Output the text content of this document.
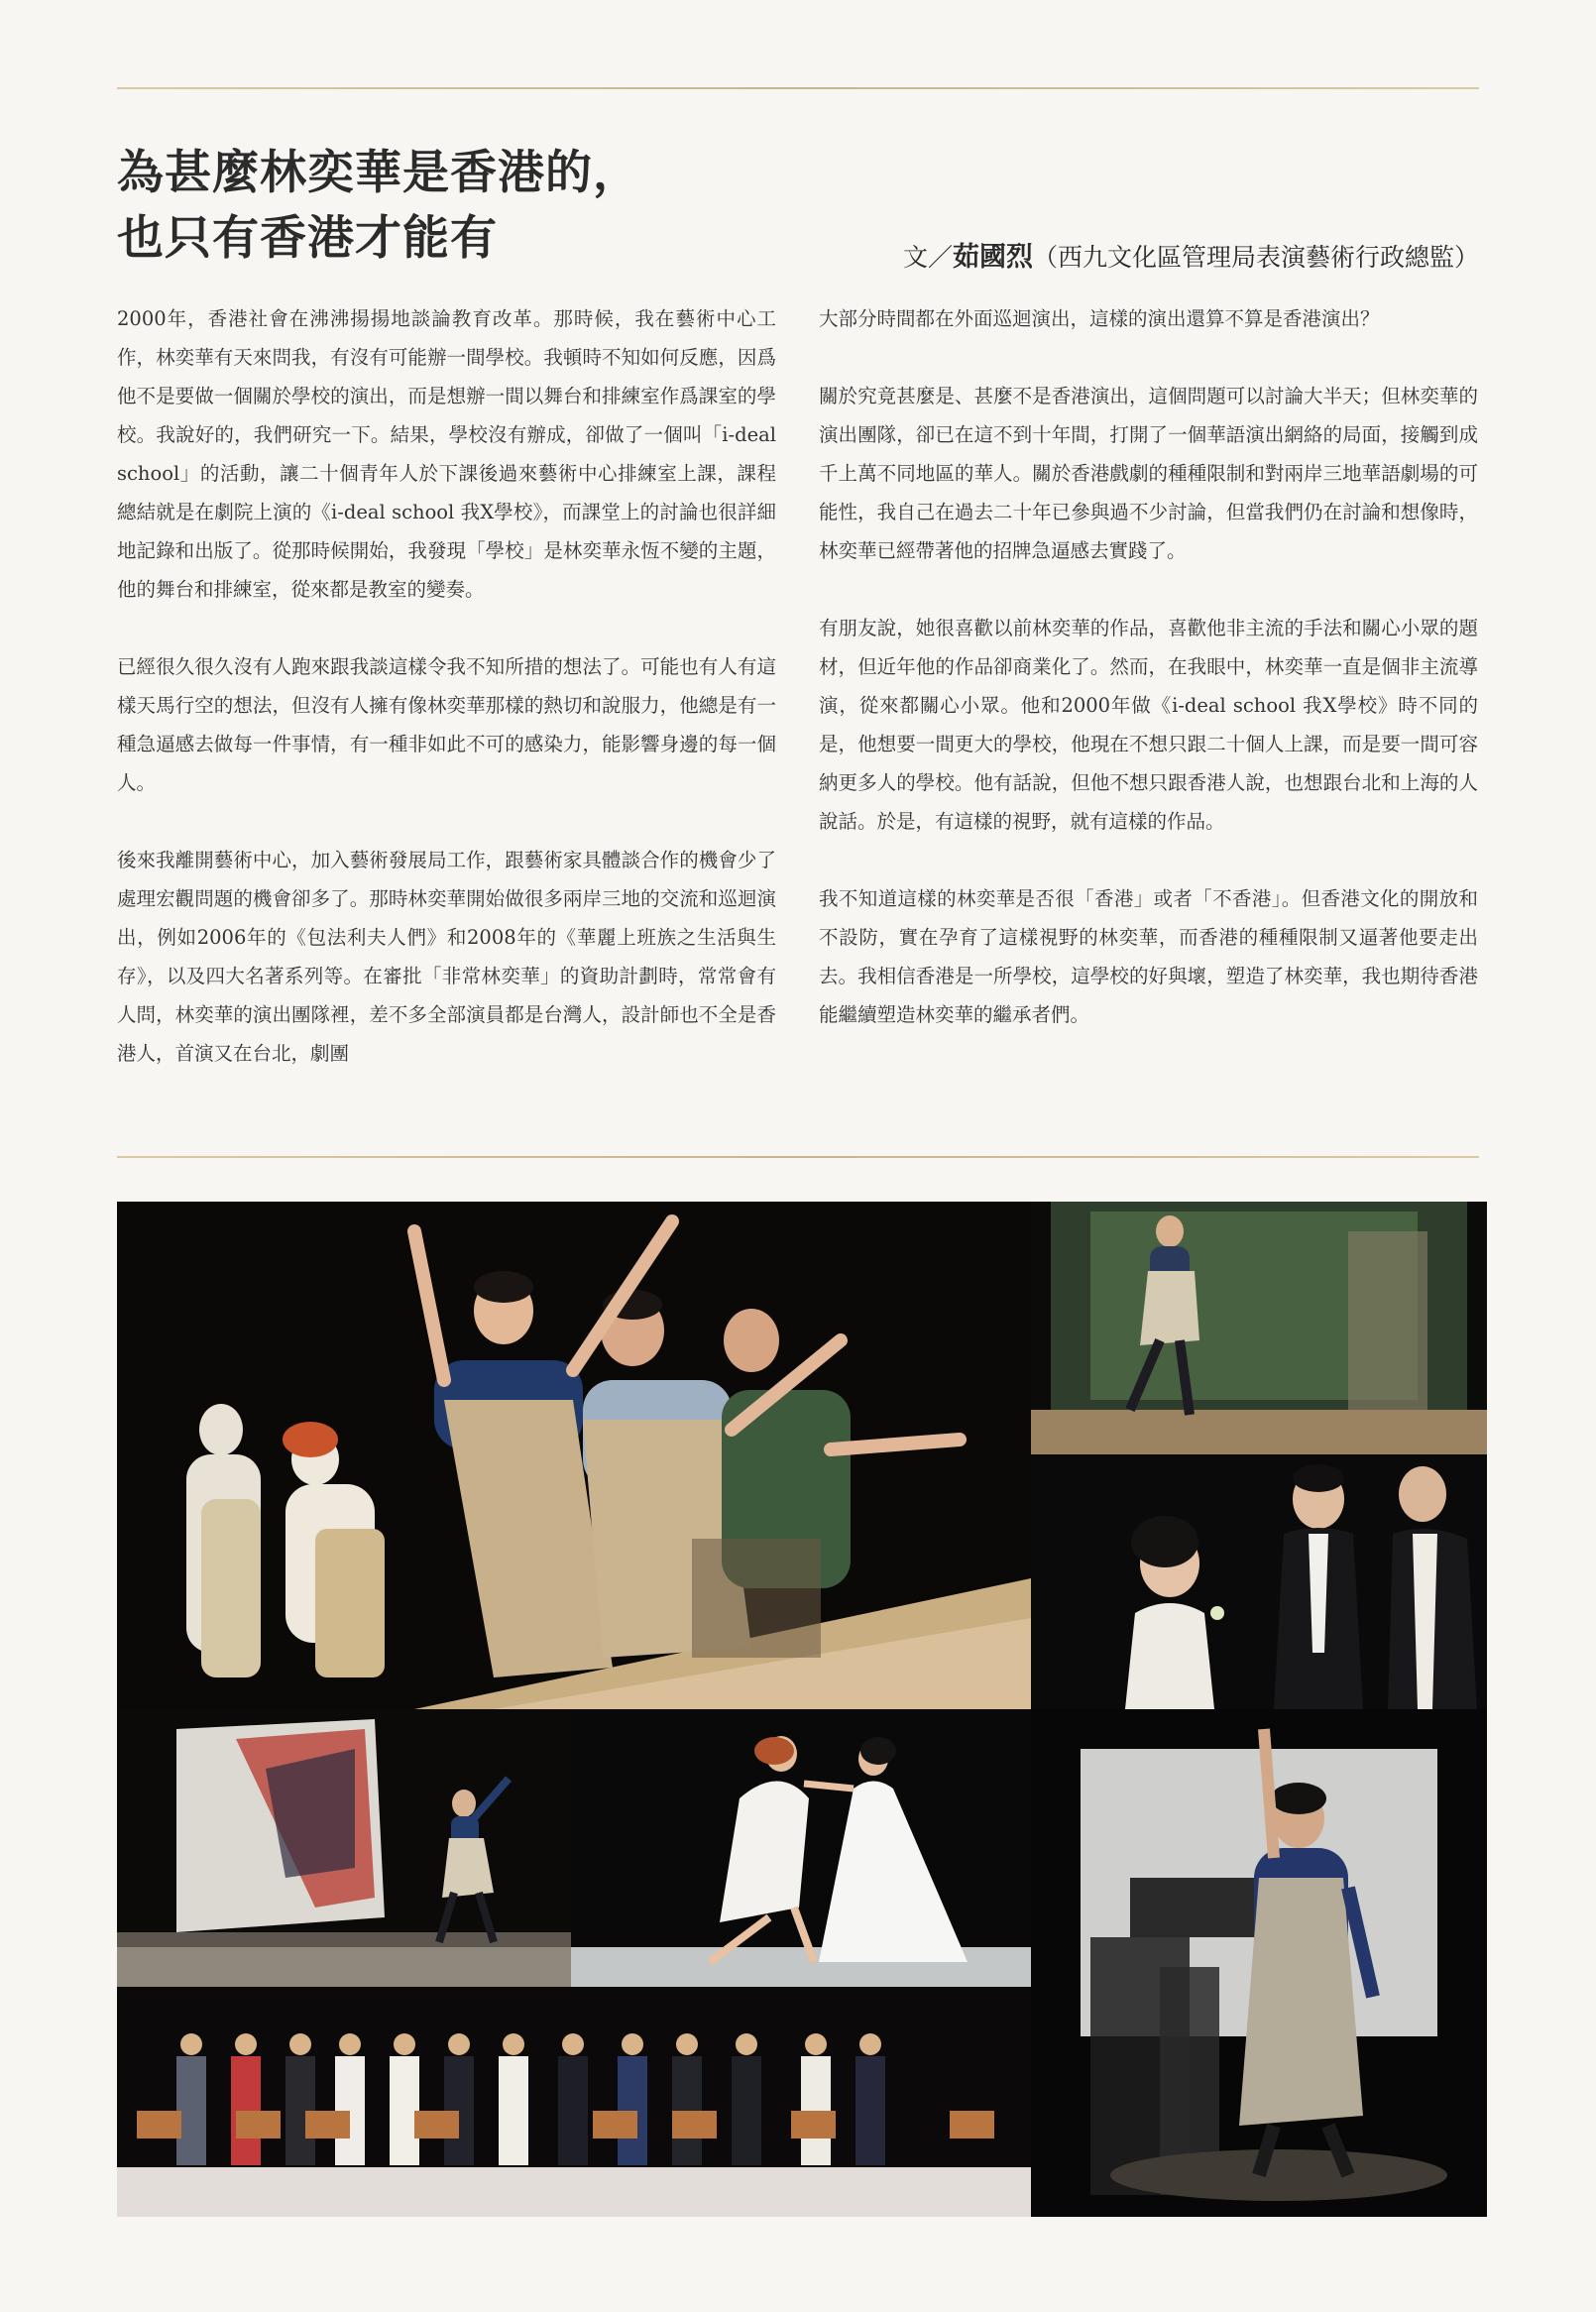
為甚麼林奕華是香港的，
也只有香港才能有	文／茹國烈（西九文化區管理局表演藝術行政總監）

2000年，香港社會在沸沸揚揚地談論教育改革。那時候，我在藝術中心工作，林奕華有天來問我，有沒有可能辦一間學校。我頓時不知如何反應，因爲他不是要做一個關於學校的演出，而是想辦一間以舞台和排練室作爲課室的學校。我說好的，我們研究一下。結果，學校沒有辦成，卻做了一個叫「i-deal school」的活動，讓二十個青年人於下課後過來藝術中心排練室上課，課程總結就是在劇院上演的《i-deal school 我X學校》，而課堂上的討論也很詳細地記錄和出版了。從那時候開始，我發現「學校」是林奕華永恆不變的主題，他的舞台和排練室，從來都是教室的變奏。

已經很久很久沒有人跑來跟我談這樣令我不知所措的想法了。可能也有人有這樣天馬行空的想法，但沒有人擁有像林奕華那樣的熱切和說服力，他總是有一種急逼感去做每一件事情，有一種非如此不可的感染力，能影響身邊的每一個人。

後來我離開藝術中心，加入藝術發展局工作，跟藝術家具體談合作的機會少了處理宏觀問題的機會卻多了。那時林奕華開始做很多兩岸三地的交流和巡迴演出，例如2006年的《包法利夫人們》和2008年的《華麗上班族之生活與生存》，以及四大名著系列等。在審批「非常林奕華」的資助計劃時，常常會有人問，林奕華的演出團隊裡，差不多全部演員都是台灣人，設計師也不全是香港人，首演又在台北，劇團

大部分時間都在外面巡迴演出，這樣的演出還算不算是香港演出？

關於究竟甚麼是、甚麼不是香港演出，這個問題可以討論大半天；但林奕華的演出團隊，卻已在這不到十年間，打開了一個華語演出網絡的局面，接觸到成千上萬不同地區的華人。關於香港戲劇的種種限制和對兩岸三地華語劇場的可能性，我自己在過去二十年已參與過不少討論，但當我們仍在討論和想像時，林奕華已經帶著他的招牌急逼感去實踐了。

有朋友說，她很喜歡以前林奕華的作品，喜歡他非主流的手法和關心小眾的題材，但近年他的作品卻商業化了。然而，在我眼中，林奕華一直是個非主流導演，從來都關心小眾。他和2000年做《i-deal school 我X學校》時不同的是，他想要一間更大的學校，他現在不想只跟二十個人上課，而是要一間可容納更多人的學校。他有話說，但他不想只跟香港人說，也想跟台北和上海的人說話。於是，有這樣的視野，就有這樣的作品。

我不知道這樣的林奕華是否很「香港」或者「不香港」。但香港文化的開放和不設防，實在孕育了這樣視野的林奕華，而香港的種種限制又逼著他要走出去。我相信香港是一所學校，這學校的好與壞，塑造了林奕華，我也期待香港能繼續塑造林奕華的繼承者們。
